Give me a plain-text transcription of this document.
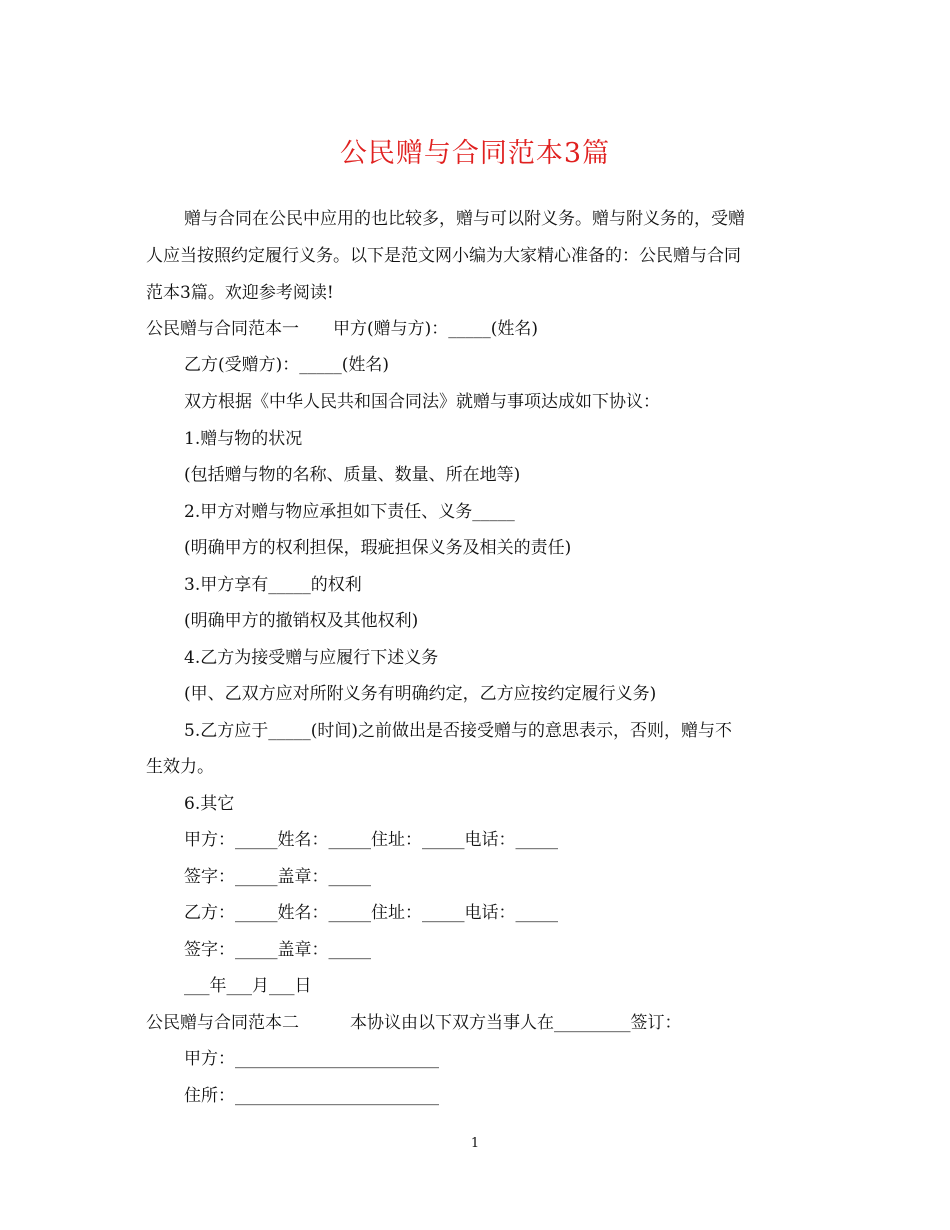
公民赠与合同范本3篇
赠与合同在公民中应用的也比较多，赠与可以附义务。赠与附义务的，受赠
人应当按照约定履行义务。以下是范文网小编为大家精心准备的：公民赠与合同
范本3篇。欢迎参考阅读!
公民赠与合同范本一　　甲方(赠与方)：_____(姓名)
乙方(受赠方)：_____(姓名)
双方根据《中华人民共和国合同法》就赠与事项达成如下协议：
1.赠与物的状况
(包括赠与物的名称、质量、数量、所在地等)
2.甲方对赠与物应承担如下责任、义务_____
(明确甲方的权利担保，瑕疵担保义务及相关的责任)
3.甲方享有_____的权利
(明确甲方的撤销权及其他权利)
4.乙方为接受赠与应履行下述义务
(甲、乙双方应对所附义务有明确约定，乙方应按约定履行义务)
5.乙方应于_____(时间)之前做出是否接受赠与的意思表示，否则，赠与不
生效力。
6.其它
甲方：_____姓名：_____住址：_____电话：_____
签字：_____盖章：_____
乙方：_____姓名：_____住址：_____电话：_____
签字：_____盖章：_____
___年___月___日
公民赠与合同范本二　　　本协议由以下双方当事人在_________签订：
甲方：________________________
住所：________________________
1
